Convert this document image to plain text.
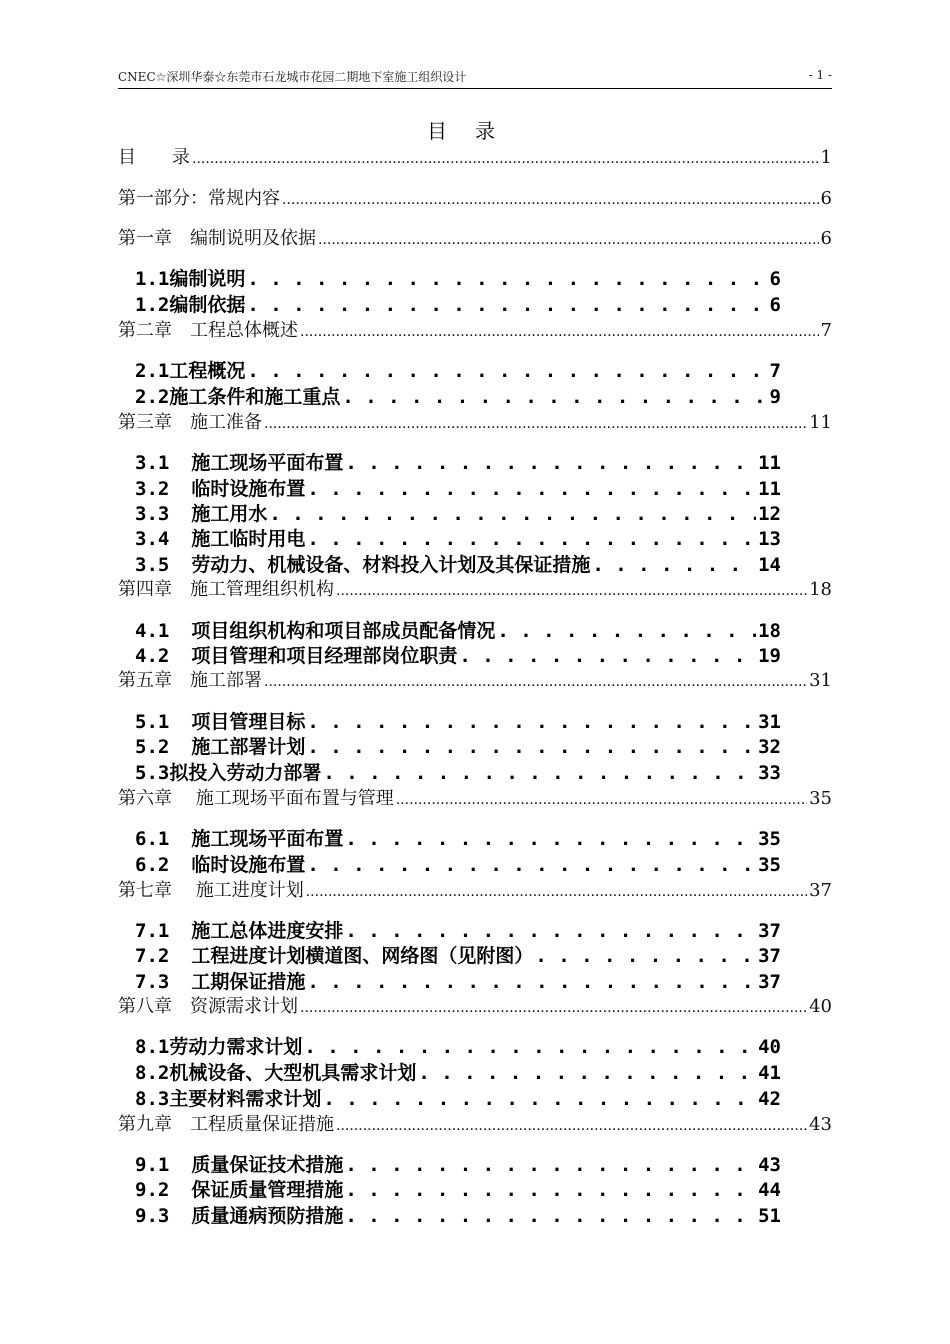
CNEC☆深圳华泰☆东莞市石龙城市花园二期地下室施工组织设计	- 1 -
目录
目　　录 .....	1
第一部分：常规内容 .....	6
第一章　编制说明及依据 .....	6
1.1编制说明 . . .	6
1.2编制依据 . . .	6
第二章　工程总体概述 .....	7
2.1工程概况 . . .	7
2.2施工条件和施工重点 . . .	9
第三章　施工准备 .....	11
3.1 施工现场平面布置 . . .	11
3.2 临时设施布置 . . .	11
3.3 施工用水 . . .	12
3.4 施工临时用电 . . .	13
3.5 劳动力、机械设备、材料投入计划及其保证措施 . . .	14
第四章　施工管理组织机构 .....	18
4.1 项目组织机构和项目部成员配备情况 . . .	18
4.2 项目管理和项目经理部岗位职责 . . .	19
第五章　施工部署 .....	31
5.1 项目管理目标 . . .	31
5.2 施工部署计划 . . .	32
5.3拟投入劳动力部署 . . .	33
第六章　 施工现场平面布置与管理 .....	35
6.1 施工现场平面布置 . . .	35
6.2 临时设施布置 . . .	35
第七章　 施工进度计划 .....	37
7.1 施工总体进度安排 . . .	37
7.2 工程进度计划横道图、网络图（见附图） . . .	37
7.3 工期保证措施 . . .	37
第八章　资源需求计划 .....	40
8.1劳动力需求计划 . . .	40
8.2机械设备、大型机具需求计划 . . .	41
8.3主要材料需求计划 . . .	42
第九章　工程质量保证措施 .....	43
9.1 质量保证技术措施 . . .	43
9.2 保证质量管理措施 . . .	44
9.3 质量通病预防措施 . . .	51
